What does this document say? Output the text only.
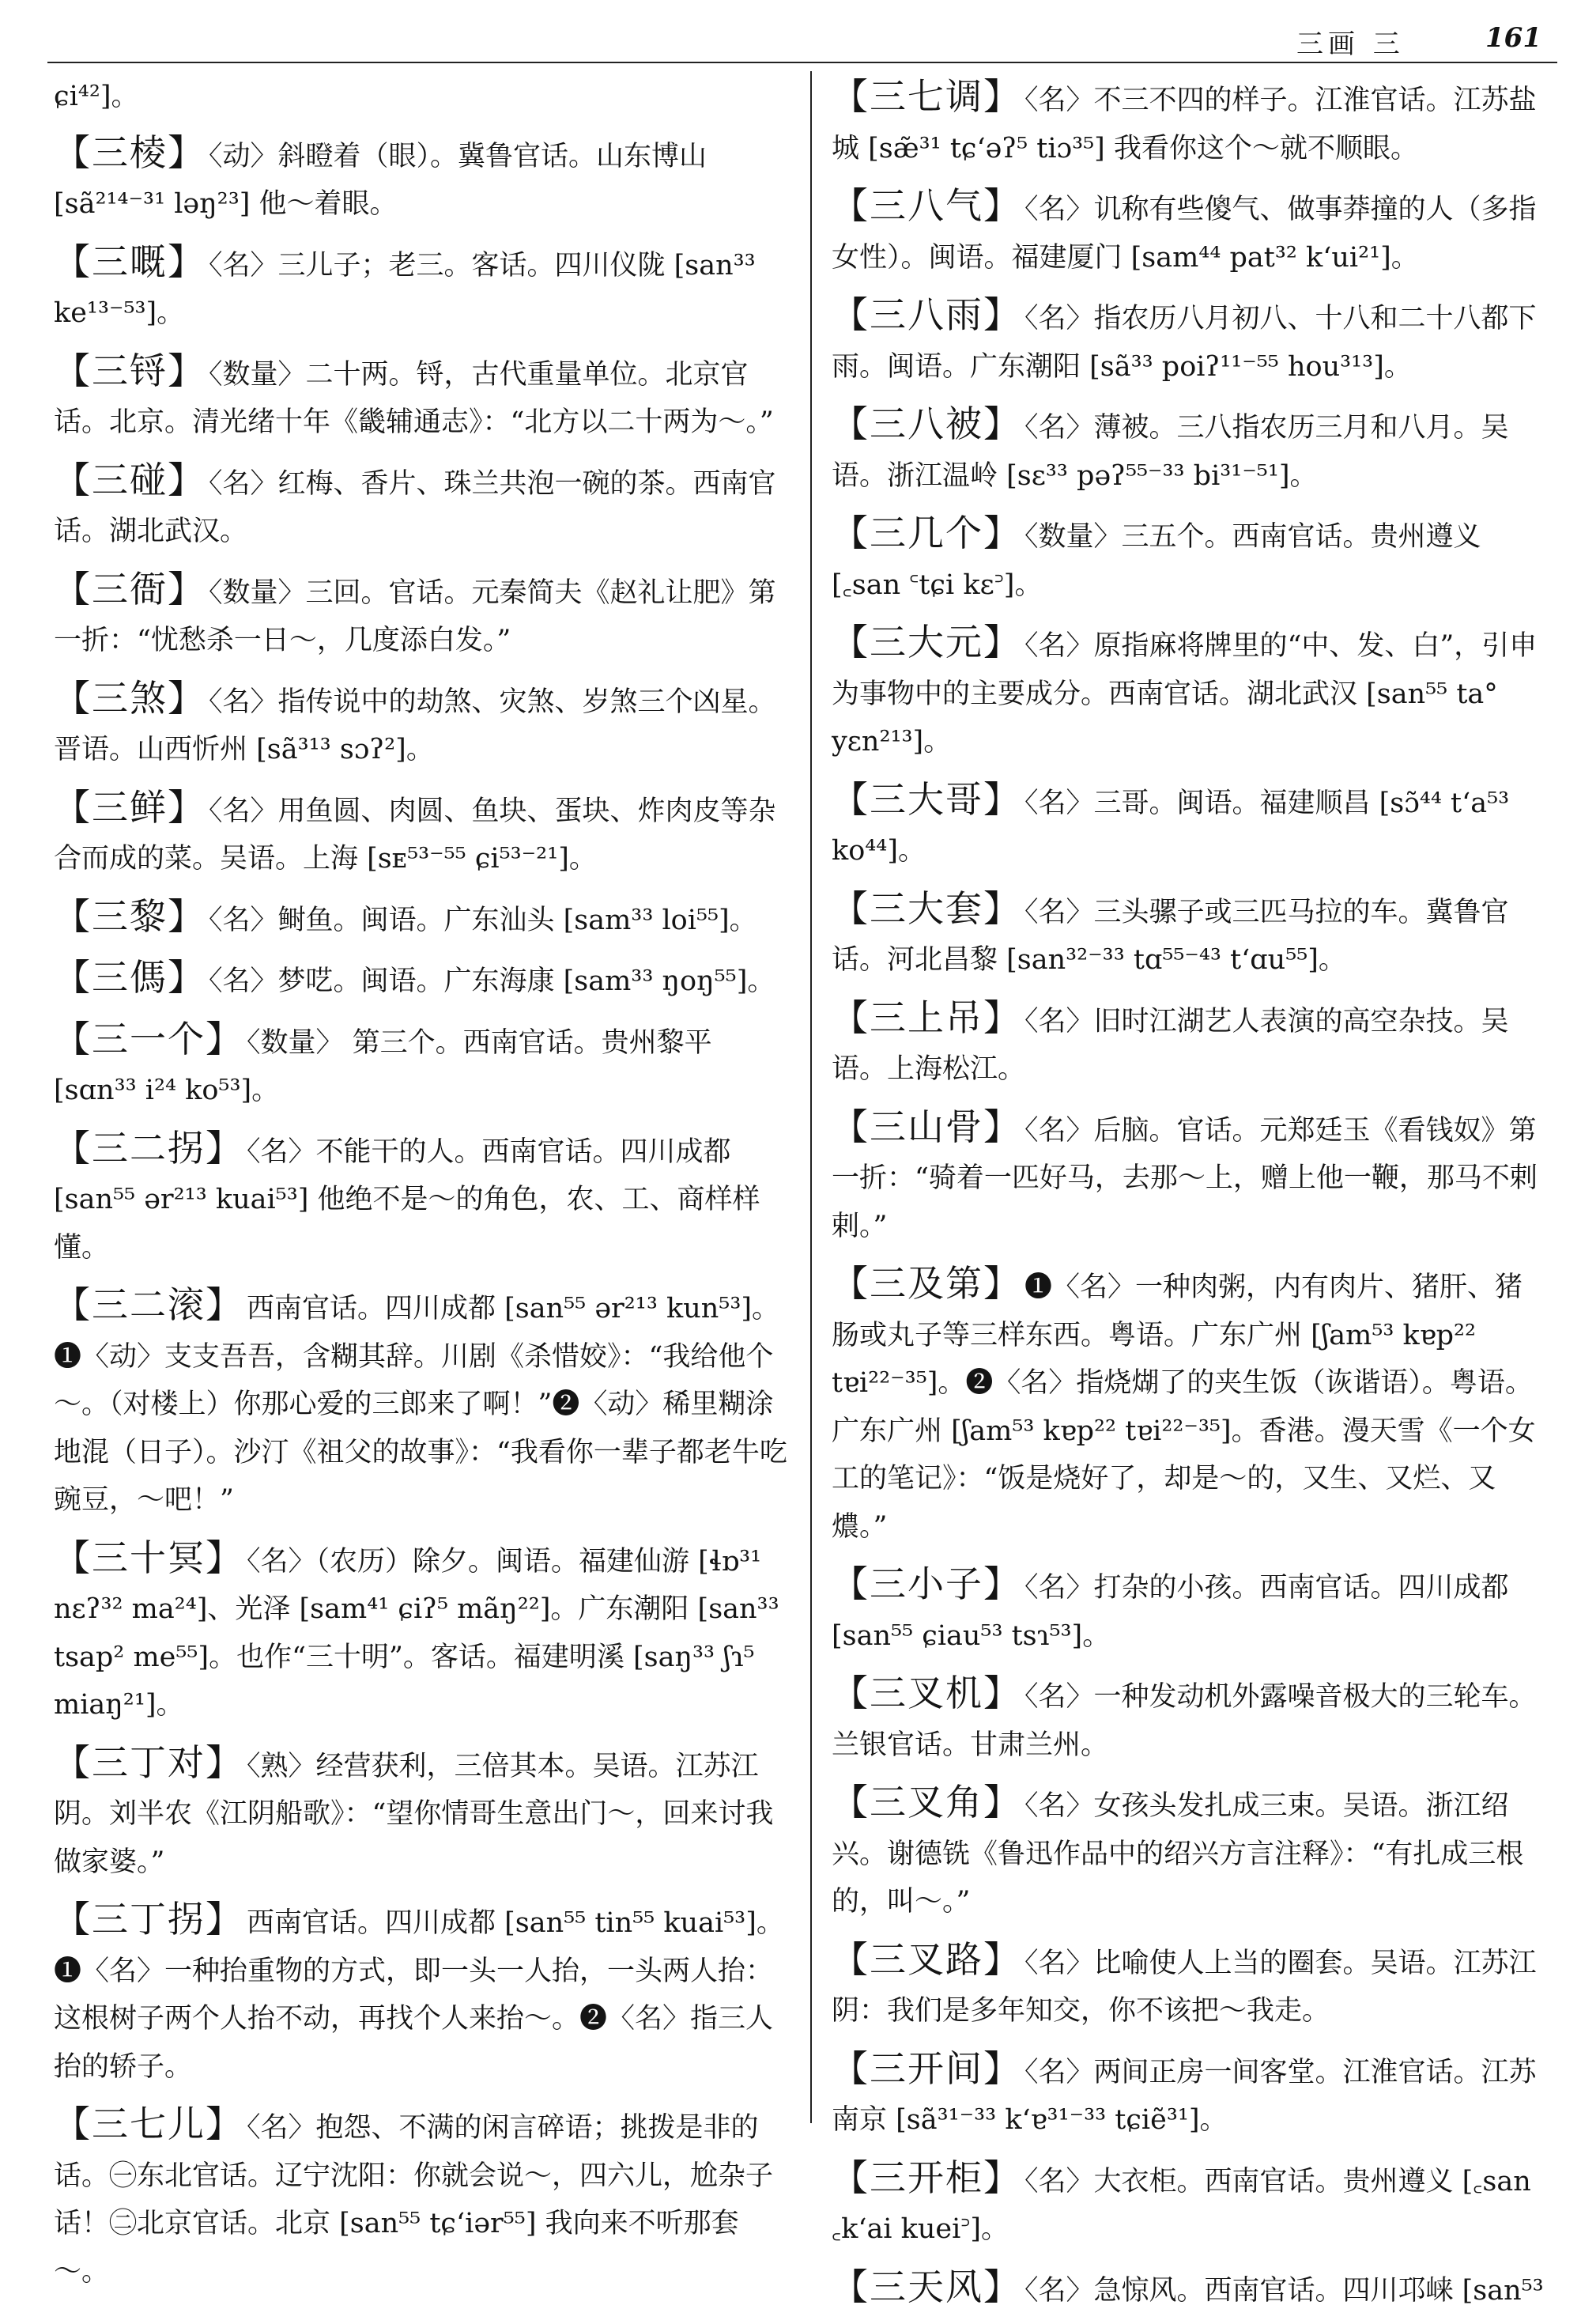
三画 三	161
ɕi⁴²]。
【三棱】 〈动〉斜瞪着（眼）。冀鲁官话。山东博山 [sã²¹⁴⁻³¹ ləŋ²³] 他～着眼。
【三嘅】 〈名〉三儿子；老三。客话。四川仪陇 [san³³ ke¹³⁻⁵³]。
【三锊】 〈数量〉二十两。锊，古代重量单位。北京官话。北京。清光绪十年《畿辅通志》：“北方以二十两为～。”
【三碰】 〈名〉红梅、香片、珠兰共泡一碗的茶。西南官话。湖北武汉。
【三衙】 〈数量〉三回。官话。元秦简夫《赵礼让肥》第一折：“忧愁杀一日～，几度添白发。”
【三煞】 〈名〉指传说中的劫煞、灾煞、岁煞三个凶星。晋语。山西忻州 [sã³¹³ sɔʔ²]。
【三鲜】 〈名〉用鱼圆、肉圆、鱼块、蛋块、炸肉皮等杂合而成的菜。吴语。上海 [sᴇ⁵³⁻⁵⁵ ɕi⁵³⁻²¹]。
【三黎】 〈名〉鲥鱼。闽语。广东汕头 [sam³³ loi⁵⁵]。
【三傌】 〈名〉梦呓。闽语。广东海康 [sam³³ ŋoŋ⁵⁵]。
【三一个】 〈数量〉 第三个。西南官话。贵州黎平 [sɑn³³ i²⁴ ko⁵³]。
【三二拐】 〈名〉不能干的人。西南官话。四川成都 [san⁵⁵ ər²¹³ kuai⁵³] 他绝不是～的角色，农、工、商样样懂。
【三二滚】 西南官话。四川成都 [san⁵⁵ ər²¹³ kun⁵³]。❶〈动〉支支吾吾，含糊其辞。川剧《杀惜姣》：“我给他个～。（对楼上）你那心爱的三郎来了啊！”❷〈动〉稀里糊涂地混（日子）。沙汀《祖父的故事》：“我看你一辈子都老牛吃豌豆，～吧！”
【三十冥】 〈名〉（农历）除夕。闽语。福建仙游 [ɬɒ³¹ nɛʔ³² ma²⁴]、光泽 [sam⁴¹ ɕiʔ⁵ mãŋ²²]。广东潮阳 [san³³ tsap² me⁵⁵]。也作“三十明”。客话。福建明溪 [saŋ³³ ʃɿ⁵ miaŋ²¹]。
【三丁对】 〈熟〉经营获利，三倍其本。吴语。江苏江阴。刘半农《江阴船歌》：“望你情哥生意出门～，回来讨我做家婆。”
【三丁拐】 西南官话。四川成都 [san⁵⁵ tin⁵⁵ kuai⁵³]。❶〈名〉一种抬重物的方式，即一头一人抬，一头两人抬：这根树子两个人抬不动，再找个人来抬～。❷〈名〉指三人抬的轿子。
【三七儿】 〈名〉抱怨、不满的闲言碎语；挑拨是非的话。㊀东北官话。辽宁沈阳：你就会说～，四六儿，尬杂子话！㊁北京官话。北京 [san⁵⁵ tɕʻiər⁵⁵] 我向来不听那套～。
【三七调】 〈名〉不三不四的样子。江淮官话。江苏盐城 [sæ̃³¹ tɕʻəʔ⁵ tiɔ³⁵] 我看你这个～就不顺眼。
【三八气】 〈名〉讥称有些傻气、做事莽撞的人（多指女性）。闽语。福建厦门 [sam⁴⁴ pat³² kʻui²¹]。
【三八雨】 〈名〉指农历八月初八、十八和二十八都下雨。闽语。广东潮阳 [sã³³ poiʔ¹¹⁻⁵⁵ hou³¹³]。
【三八被】 〈名〉薄被。三八指农历三月和八月。吴语。浙江温岭 [sɛ³³ pəʔ⁵⁵⁻³³ bi³¹⁻⁵¹]。
【三几个】 〈数量〉三五个。西南官话。贵州遵义 [꜀san ꜂tɕi kɛ꜄]。
【三大元】 〈名〉原指麻将牌里的“中、发、白”，引申为事物中的主要成分。西南官话。湖北武汉 [san⁵⁵ ta° yɛn²¹³]。
【三大哥】 〈名〉三哥。闽语。福建顺昌 [sɔ̃⁴⁴ tʻa⁵³ ko⁴⁴]。
【三大套】 〈名〉三头骡子或三匹马拉的车。冀鲁官话。河北昌黎 [san³²⁻³³ tɑ⁵⁵⁻⁴³ tʻɑu⁵⁵]。
【三上吊】 〈名〉旧时江湖艺人表演的高空杂技。吴语。上海松江。
【三山骨】 〈名〉后脑。官话。元郑廷玉《看钱奴》第一折：“骑着一匹好马，去那～上，赠上他一鞭，那马不剌剌。”
【三及第】 ❶〈名〉一种肉粥，内有肉片、猪肝、猪肠或丸子等三样东西。粤语。广东广州 [ʃam⁵³ kɐp²² tɐi²²⁻³⁵]。❷〈名〉指烧煳了的夹生饭（诙谐语）。粤语。广东广州 [ʃam⁵³ kɐp²² tɐi²²⁻³⁵]。香港。漫天雪《一个女工的笔记》：“饭是烧好了，却是～的，又生、又烂、又燶。”
【三小子】 〈名〉打杂的小孩。西南官话。四川成都 [san⁵⁵ ɕiau⁵³ tsɿ⁵³]。
【三叉机】 〈名〉一种发动机外露噪音极大的三轮车。兰银官话。甘肃兰州。
【三叉角】 〈名〉女孩头发扎成三束。吴语。浙江绍兴。谢德铣《鲁迅作品中的绍兴方言注释》：“有扎成三根的，叫～。”
【三叉路】 〈名〉比喻使人上当的圈套。吴语。江苏江阴：我们是多年知交，你不该把～我走。
【三开间】 〈名〉两间正房一间客堂。江淮官话。江苏南京 [sã³¹⁻³³ kʻɐ³¹⁻³³ tɕiẽ³¹]。
【三开柜】 〈名〉大衣柜。西南官话。贵州遵义 [꜀san ꜀kʻai kuei꜄]。
【三天风】 〈名〉急惊风。西南官话。四川邛崃 [san⁵³
